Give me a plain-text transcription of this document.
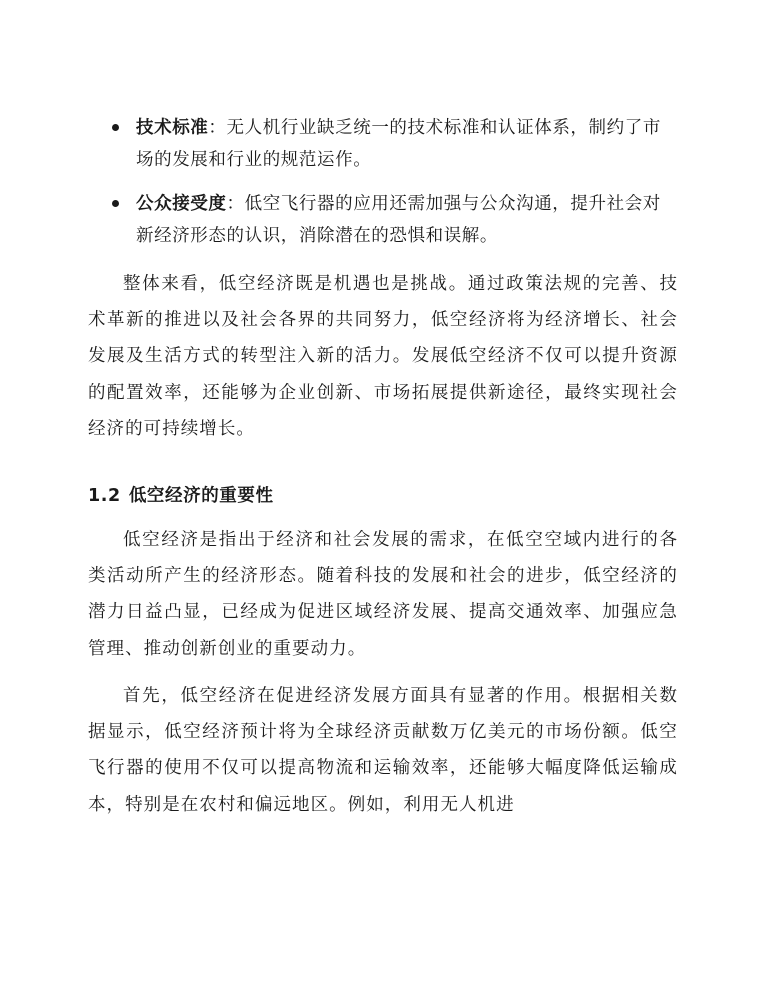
技术标准：无人机行业缺乏统一的技术标准和认证体系，制约了市场的发展和行业的规范运作。
公众接受度：低空飞行器的应用还需加强与公众沟通，提升社会对新经济形态的认识，消除潜在的恐惧和误解。

整体来看，低空经济既是机遇也是挑战。通过政策法规的完善、技术革新的推进以及社会各界的共同努力，低空经济将为经济增长、社会发展及生活方式的转型注入新的活力。发展低空经济不仅可以提升资源的配置效率，还能够为企业创新、市场拓展提供新途径，最终实现社会经济的可持续增长。

1.2 低空经济的重要性

低空经济是指出于经济和社会发展的需求，在低空空域内进行的各类活动所产生的经济形态。随着科技的发展和社会的进步，低空经济的潜力日益凸显，已经成为促进区域经济发展、提高交通效率、加强应急管理、推动创新创业的重要动力。

首先，低空经济在促进经济发展方面具有显著的作用。根据相关数据显示，低空经济预计将为全球经济贡献数万亿美元的市场份额。低空飞行器的使用不仅可以提高物流和运输效率，还能够大幅度降低运输成本，特别是在农村和偏远地区。例如，利用无人机进
